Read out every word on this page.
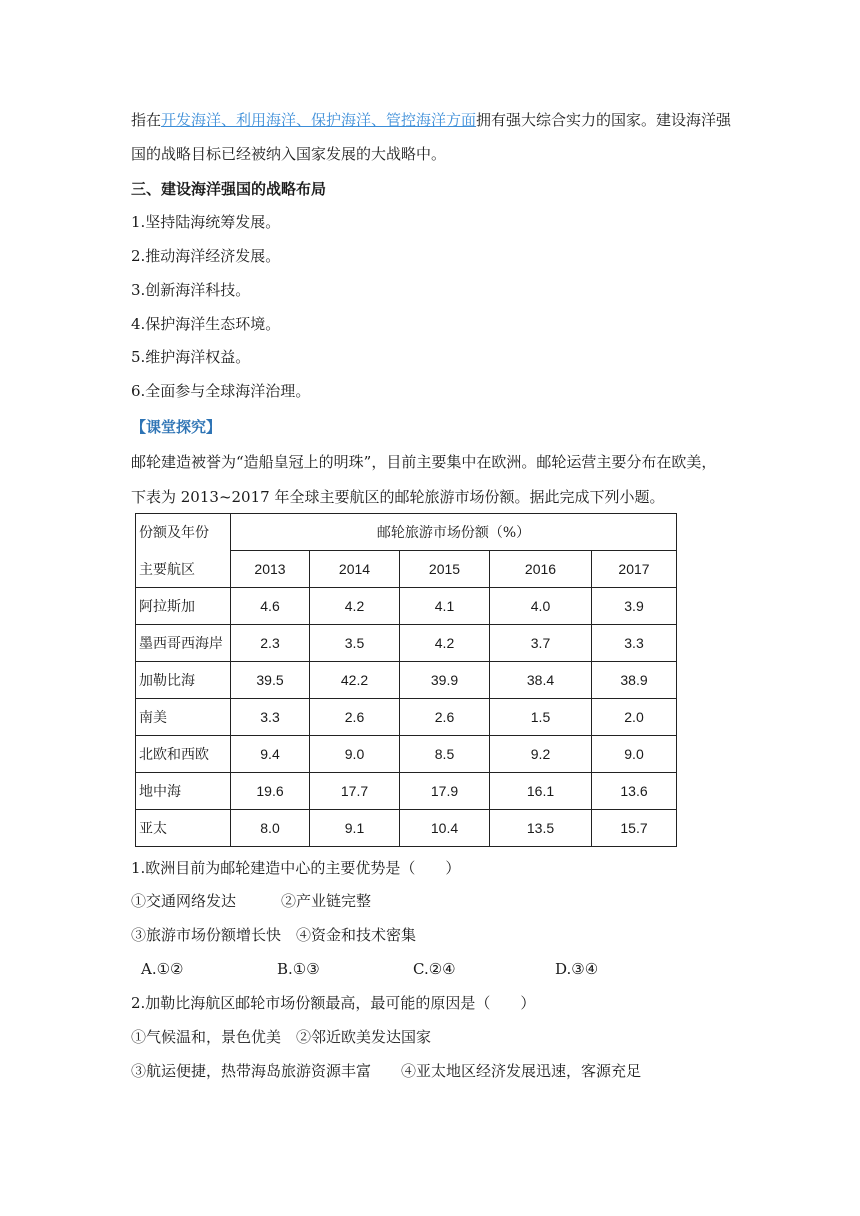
指在开发海洋、利用海洋、保护海洋、管控海洋方面拥有强大综合实力的国家。建设海洋强
国的战略目标已经被纳入国家发展的大战略中。
三、建设海洋强国的战略布局
1.坚持陆海统筹发展。
2.推动海洋经济发展。
3.创新海洋科技。
4.保护海洋生态环境。
5.维护海洋权益。
6.全面参与全球海洋治理。
【课堂探究】
邮轮建造被誉为“造船皇冠上的明珠”，目前主要集中在欧洲。邮轮运营主要分布在欧美，
下表为 2013~2017 年全球主要航区的邮轮旅游市场份额。据此完成下列小题。
份额及年份
主要航区	邮轮旅游市场份额（%）				
	2013	2014	2015	2016	2017
阿拉斯加	4.6	4.2	4.1	4.0	3.9
墨西哥西海岸	2.3	3.5	4.2	3.7	3.3
加勒比海	39.5	42.2	39.9	38.4	38.9
南美	3.3	2.6	2.6	1.5	2.0
北欧和西欧	9.4	9.0	8.5	9.2	9.0
地中海	19.6	17.7	17.9	16.1	13.6
亚太	8.0	9.1	10.4	13.5	15.7
1.欧洲目前为邮轮建造中心的主要优势是（　　）
①交通网络发达　　　②产业链完整
③旅游市场份额增长快　④资金和技术密集
A.①②	B.①③	C.②④	D.③④
2.加勒比海航区邮轮市场份额最高，最可能的原因是（　　）
①气候温和，景色优美　②邻近欧美发达国家
③航运便捷，热带海岛旅游资源丰富　　④亚太地区经济发展迅速，客源充足
